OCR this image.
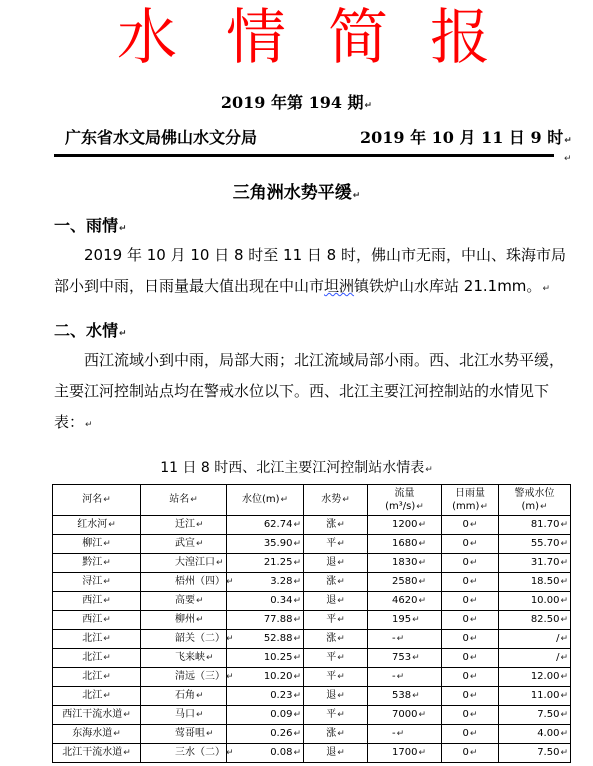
水 情 简 报
2019 年第 194 期↵
广东省水文局佛山水文分局	2019 年 10 月 11 日 9 时↵
↵
三角洲水势平缓↵
一、雨情↵

2019 年 10 月 10 日 8 时至 11 日 8 时，佛山市无雨，中山、珠海市局部小到中雨，日雨量最大值出现在中山市坦洲镇铁炉山水库站 21.1mm。↵

二、水情↵

西江流域小到中雨，局部大雨；北江流域局部小雨。西、北江水势平缓，主要江河控制站点均在警戒水位以下。西、北江主要江河控制站的水情见下表：↵

11 日 8 时西、北江主要江河控制站水情表↵
河名↵	站名↵	水位(m)↵	水势↵	流量
(m³/s)↵	日雨量
(mm)↵	警戒水位
(m)↵
红水河↵	迁江↵	62.74↵	涨↵	1200↵	0↵	81.70↵
柳江↵	武宣↵	35.90↵	平↵	1680↵	0↵	55.70↵
黔江↵	大湟江口↵	21.25↵	退↵	1830↵	0↵	31.70↵
浔江↵	梧州（四）↵	3.28↵	涨↵	2580↵	0↵	18.50↵
西江↵	高要↵	0.34↵	退↵	4620↵	0↵	10.00↵
西江↵	柳州↵	77.88↵	平↵	195↵	0↵	82.50↵
北江↵	韶关（二）↵	52.88↵	涨↵	-↵	0↵	/↵
北江↵	飞来峡↵	10.25↵	平↵	753↵	0↵	/↵
北江↵	清远（三）↵	10.20↵	平↵	-↵	0↵	12.00↵
北江↵	石角↵	0.23↵	退↵	538↵	0↵	11.00↵
西江干流水道↵	马口↵	0.09↵	平↵	7000↵	0↵	7.50↵
东海水道↵	莺哥咀↵	0.26↵	涨↵	-↵	0↵	4.00↵
北江干流水道↵	三水（二）↵	0.08↵	退↵	1700↵	0↵	7.50↵
